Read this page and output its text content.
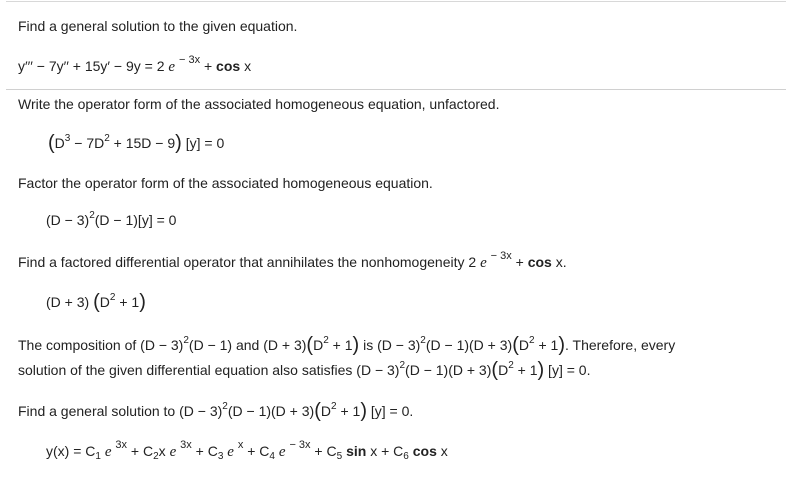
Find a general solution to the given equation.
y′′′ − 7y′′ + 15y′ − 9y = 2 e $^{- 3x}$ + cos x
Write the operator form of the associated homogeneous equation, unfactored.
$(D^3 - 7D^2 + 15D - 9) [y] = 0$
Factor the operator form of the associated homogeneous equation.
$(D - 3)^2(D - 1)[y] = 0$
Find a factored differential operator that annihilates the nonhomogeneity 2 e $^{- 3x}$ + cos x.
(D + 3) $(D^2 + 1)$
The composition of $(D - 3)^2(D - 1)$ and $(D + 3)(D^2 + 1)$ is $(D - 3)^2(D - 1)(D + 3)(D^2 + 1)$. Therefore, every
solution of the given differential equation also satisfies $(D - 3)^2(D - 1)(D + 3)(D^2 + 1)$ [y] = 0.
Find a general solution to $(D - 3)^2(D - 1)(D + 3)(D^2 + 1)$ [y] = 0.
$y(x) = C_1$ e $^{3x} + C_2x$ e $^{3x} + C_3$ e $^x + C_4$ e $^{- 3x} + C_5$ $\sin x + C_6$ cos x
